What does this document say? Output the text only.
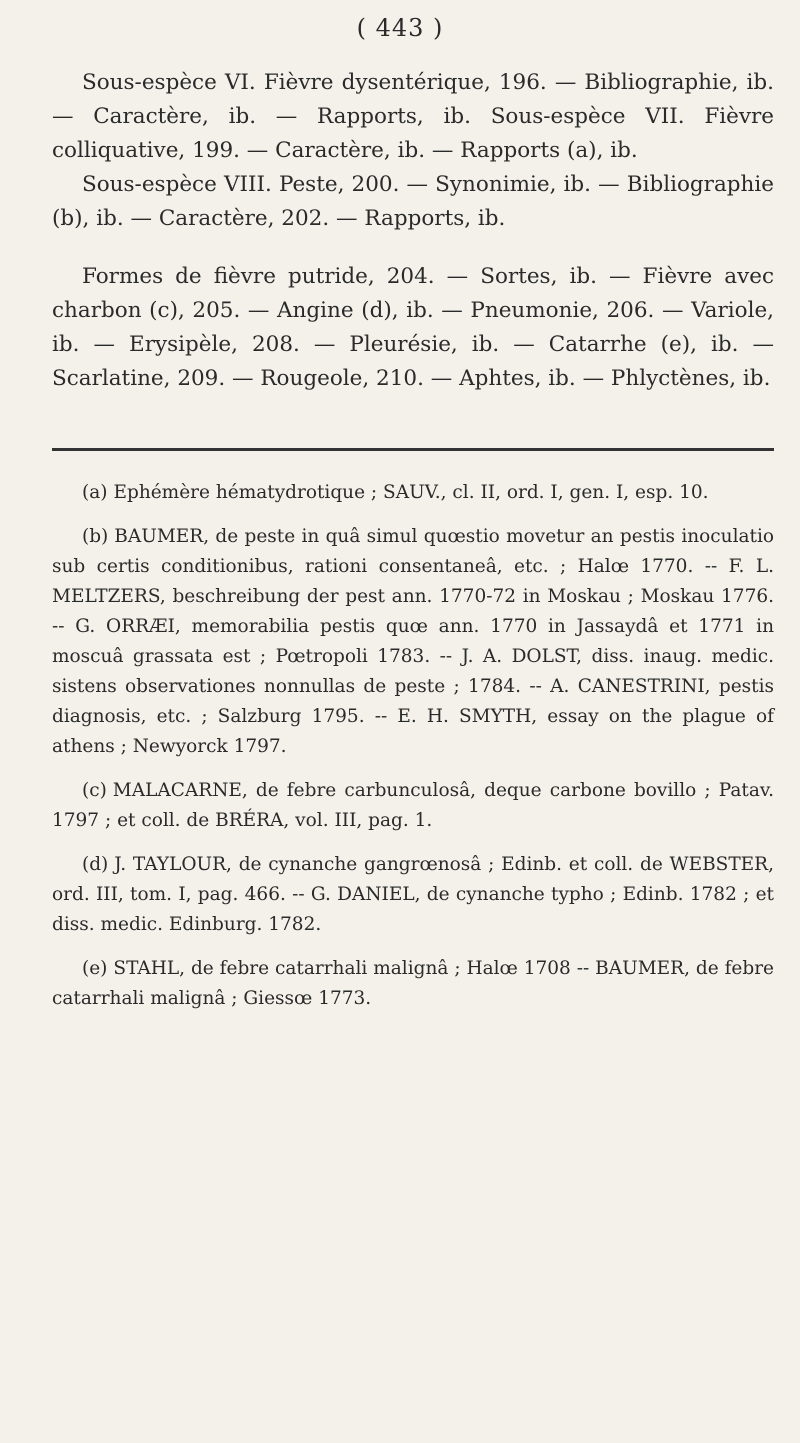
( 443 )

Sous-espèce VI. Fièvre dysentérique, 196. — Bibliographie, ib. — Caractère, ib. — Rapports, ib. Sous-espèce VII. Fièvre colliquative, 199. — Caractère, ib. — Rapports (a), ib.

Sous-espèce VIII. Peste, 200. — Synonimie, ib. — Bibliographie (b), ib. — Caractère, 202. — Rapports, ib.

Formes de fièvre putride, 204. — Sortes, ib. — Fièvre avec charbon (c), 205. — Angine (d), ib. — Pneumonie, 206. — Variole, ib. — Erysipèle, 208. — Pleurésie, ib. — Catarrhe (e), ib. — Scarlatine, 209. — Rougeole, 210. — Aphtes, ib. — Phlyctènes, ib.

(a) Ephémère hématydrotique ; SAUV., cl. II, ord. I, gen. I, esp. 10.

(b) BAUMER, de peste in quâ simul quœstio movetur an pestis inoculatio sub certis conditionibus, rationi consentaneâ, etc. ; Halœ 1770. -- F. L. MELTZERS, beschreibung der pest ann. 1770-72 in Moskau ; Moskau 1776. -- G. ORRÆI, memorabilia pestis quœ ann. 1770 in Jassaydâ et 1771 in moscuâ grassata est ; Pœtropoli 1783. -- J. A. DOLST, diss. inaug. medic. sistens observationes nonnullas de peste ; 1784. -- A. CANESTRINI, pestis diagnosis, etc. ; Salzburg 1795. -- E. H. SMYTH, essay on the plague of athens ; Newyorck 1797.

(c) MALACARNE, de febre carbunculosâ, deque carbone bovillo ; Patav. 1797 ; et coll. de BRÉRA, vol. III, pag. 1.

(d) J. TAYLOUR, de cynanche gangrœnosâ ; Edinb. et coll. de WEBSTER, ord. III, tom. I, pag. 466. -- G. DANIEL, de cynanche typho ; Edinb. 1782 ; et diss. medic. Edinburg. 1782.

(e) STAHL, de febre catarrhali malignâ ; Halœ 1708 -- BAUMER, de febre catarrhali malignâ ; Giessœ 1773.
